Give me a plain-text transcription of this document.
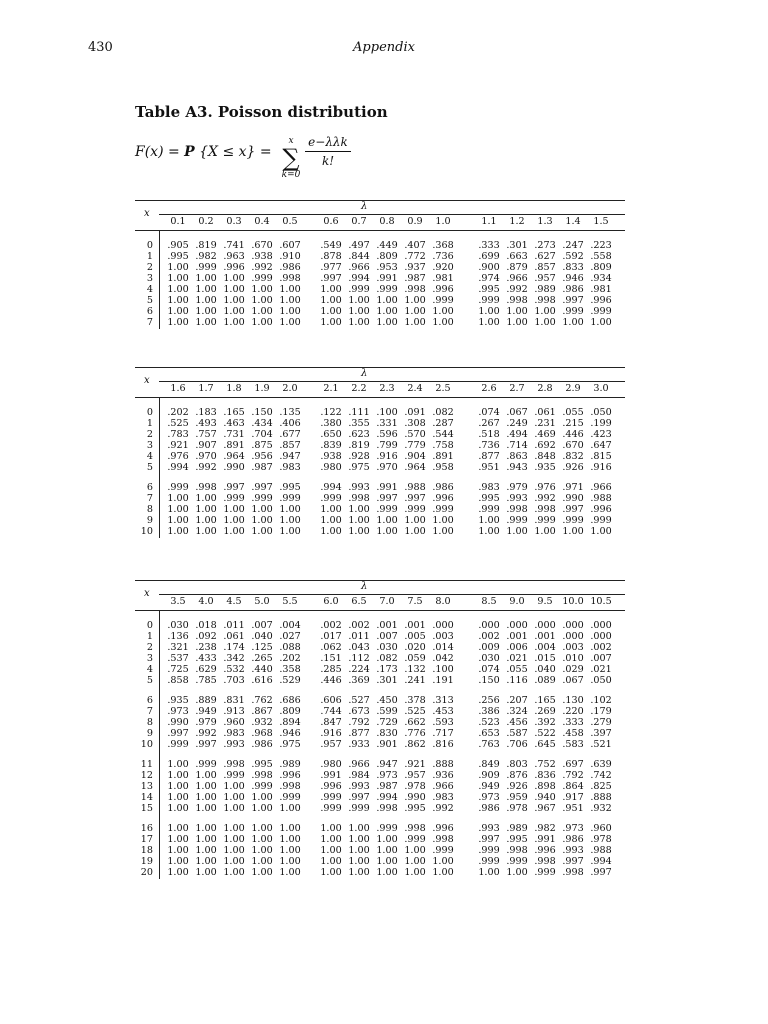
430	Appendix
Table A3. Poisson distribution
F(x) = P {X ≤ x} =
x
∑
k=0
e−λλk
k!
λ
x
0.1	0.2	0.3	0.4	0.5	0.6	0.7	0.8	0.9	1.0	1.1	1.2	1.3	1.4	1.5
0	.905 .819 .741 .670 .607	.549 .497 .449 .407 .368	.333 .301 .273 .247 .223
1	.995 .982 .963 .938 .910	.878 .844 .809 .772 .736	.699 .663 .627 .592 .558
2	1.00 .999 .996 .992 .986	.977 .966 .953 .937 .920	.900 .879 .857 .833 .809
3	1.00 1.00 1.00 .999 .998	.997 .994 .991 .987 .981	.974 .966 .957 .946 .934
4	1.00 1.00 1.00 1.00 1.00	1.00 .999 .999 .998 .996	.995 .992 .989 .986 .981
5	1.00 1.00 1.00 1.00 1.00	1.00 1.00 1.00 1.00 .999	.999 .998 .998 .997 .996
6	1.00 1.00 1.00 1.00 1.00	1.00 1.00 1.00 1.00 1.00	1.00 1.00 1.00 .999 .999
7	1.00 1.00 1.00 1.00 1.00	1.00 1.00 1.00 1.00 1.00	1.00 1.00 1.00 1.00 1.00
λ
x
1.6	1.7	1.8	1.9	2.0	2.1	2.2	2.3	2.4	2.5	2.6	2.7	2.8	2.9	3.0
0	.202 .183 .165 .150 .135	.122 .111 .100 .091 .082	.074 .067 .061 .055 .050
1	.525 .493 .463 .434 .406	.380 .355 .331 .308 .287	.267 .249 .231 .215 .199
2	.783 .757 .731 .704 .677	.650 .623 .596 .570 .544	.518 .494 .469 .446 .423
3	.921 .907 .891 .875 .857	.839 .819 .799 .779 .758	.736 .714 .692 .670 .647
4	.976 .970 .964 .956 .947	.938 .928 .916 .904 .891	.877 .863 .848 .832 .815
5	.994 .992 .990 .987 .983	.980 .975 .970 .964 .958	.951 .943 .935 .926 .916
6	.999 .998 .997 .997 .995	.994 .993 .991 .988 .986	.983 .979 .976 .971 .966
7	1.00 1.00 .999 .999 .999	.999 .998 .997 .997 .996	.995 .993 .992 .990 .988
8	1.00 1.00 1.00 1.00 1.00	1.00 1.00 .999 .999 .999	.999 .998 .998 .997 .996
9	1.00 1.00 1.00 1.00 1.00	1.00 1.00 1.00 1.00 1.00	1.00 .999 .999 .999 .999
10	1.00 1.00 1.00 1.00 1.00	1.00 1.00 1.00 1.00 1.00	1.00 1.00 1.00 1.00 1.00
λ
x
3.5	4.0	4.5	5.0	5.5	6.0	6.5	7.0	7.5	8.0	8.5	9.0	9.5	10.0 10.5
0	.030 .018 .011 .007 .004	.002 .002 .001 .001 .000	.000 .000 .000 .000 .000
1	.136 .092 .061 .040 .027	.017 .011 .007 .005 .003	.002 .001 .001 .000 .000
2	.321 .238 .174 .125 .088	.062 .043 .030 .020 .014	.009 .006 .004 .003 .002
3	.537 .433 .342 .265 .202	.151 .112 .082 .059 .042	.030 .021 .015 .010 .007
4	.725 .629 .532 .440 .358	.285 .224 .173 .132 .100	.074 .055 .040 .029 .021
5	.858 .785 .703 .616 .529	.446 .369 .301 .241 .191	.150 .116 .089 .067 .050
6	.935 .889 .831 .762 .686	.606 .527 .450 .378 .313	.256 .207 .165 .130 .102
7	.973 .949 .913 .867 .809	.744 .673 .599 .525 .453	.386 .324 .269 .220 .179
8	.990 .979 .960 .932 .894	.847 .792 .729 .662 .593	.523 .456 .392 .333 .279
9	.997 .992 .983 .968 .946	.916 .877 .830 .776 .717	.653 .587 .522 .458 .397
10	.999 .997 .993 .986 .975	.957 .933 .901 .862 .816	.763 .706 .645 .583 .521
11	1.00 .999 .998 .995 .989	.980 .966 .947 .921 .888	.849 .803 .752 .697 .639
12	1.00 1.00 .999 .998 .996	.991 .984 .973 .957 .936	.909 .876 .836 .792 .742
13	1.00 1.00 1.00 .999 .998	.996 .993 .987 .978 .966	.949 .926 .898 .864 .825
14	1.00 1.00 1.00 1.00 .999	.999 .997 .994 .990 .983	.973 .959 .940 .917 .888
15	1.00 1.00 1.00 1.00 1.00	.999 .999 .998 .995 .992	.986 .978 .967 .951 .932
16	1.00 1.00 1.00 1.00 1.00	1.00 1.00 .999 .998 .996	.993 .989 .982 .973 .960
17	1.00 1.00 1.00 1.00 1.00	1.00 1.00 1.00 .999 .998	.997 .995 .991 .986 .978
18	1.00 1.00 1.00 1.00 1.00	1.00 1.00 1.00 1.00 .999	.999 .998 .996 .993 .988
19	1.00 1.00 1.00 1.00 1.00	1.00 1.00 1.00 1.00 1.00	.999 .999 .998 .997 .994
20	1.00 1.00 1.00 1.00 1.00	1.00 1.00 1.00 1.00 1.00	1.00 1.00 .999 .998 .997
